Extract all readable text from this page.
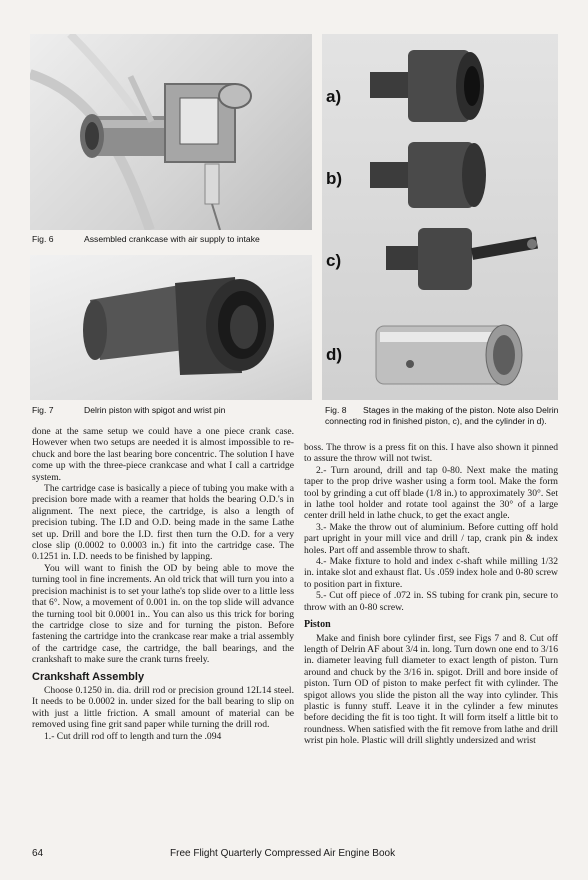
Fig. 6	Assembled crankcase with air supply to intake
Fig. 7	Delrin piston with spigot and wrist pin
a)
b)
c)
d)
Fig. 8 Stages in the making of the piston. Note also Delrin connecting rod in finished piston, c), and the cylinder in d).

done at the same setup we could have a one piece crank case. However when two setups are needed it is almost impossible to re-chuck and bore the last bearing bore concentric. The solution I have come up with the three-piece crankcase and what I call a cartridge system.

The cartridge case is basically a piece of tubing you make with a precision bore made with a reamer that holds the bearing O.D.'s in alignment. The next piece, the cartridge, is also a length of precision tubing. The I.D and O.D. being made in the same Lathe set up. Drill and bore the I.D. first then turn the O.D. for a very close slip (0.0002 to 0.0003 in.) fit into the cartridge case. The 0.1251 in. I.D. needs to be finished by lapping.

You will want to finish the OD by being able to move the turning tool in fine increments. An old trick that will turn you into a precision machinist is to set your lathe's top slide over to a little less that 6°. Now, a movement of 0.001 in. on the top slide will advance the turning tool bit 0.0001 in.. You can also us this trick for boring the cartridge close to size and for turning the piston. Before fastening the cartridge into the crankcase rear make a trial assembly of the cartridge case, the cartridge, the ball bearings, and the crankshaft to make sure the crank turns freely.

Crankshaft Assembly

Choose 0.1250 in. dia. drill rod or precision ground 12L14 steel. It needs to be 0.0002 in. under sized for the ball bearing to slip on with just a little friction. A small amount of material can be removed using fine grit sand paper while turning the drill rod.

1.- Cut drill rod off to length and turn the .094

boss. The throw is a press fit on this. I have also shown it pinned to assure the throw will not twist.

2.- Turn around, drill and tap 0-80. Next make the mating taper to the prop drive washer using a form tool. Make the form tool by grinding a cut off blade (1/8 in.) to approximately 30°. Set in lathe tool holder and rotate tool against the 30° of a large center drill held in lathe chuck, to get the exact angle.

3.- Make the throw out of aluminium. Before cutting off hold part upright in your mill vice and drill / tap, crank pin & index holes. Part off and assemble throw to shaft.

4.- Make fixture to hold and index c-shaft while milling 1/32 in. intake slot and exhaust flat. Us .059 index hole and 0-80 screw to position part in fixture.

5.- Cut off piece of .072 in. SS tubing for crank pin, secure to throw with an 0-80 screw.

Piston

Make and finish bore cylinder first, see Figs 7 and 8. Cut off length of Delrin AF about 3/4 in. long. Turn down one end to 3/16 in. diameter leaving full diameter to exact length of piston. Turn around and chuck by the 3/16 in. spigot. Drill and bore inside of piston. Turn OD of piston to make perfect fit with cylinder. The spigot allows you slide the piston all the way into cylinder. This plastic is funny stuff. Leave it in the cylinder a few minutes before deciding the fit is too tight. It will form itself a little bit to roundness. When satisfied with the fit remove from lathe and drill wrist pin hole. Plastic will drill slightly undersized and wrist

64	Free Flight Quarterly Compressed Air Engine Book
